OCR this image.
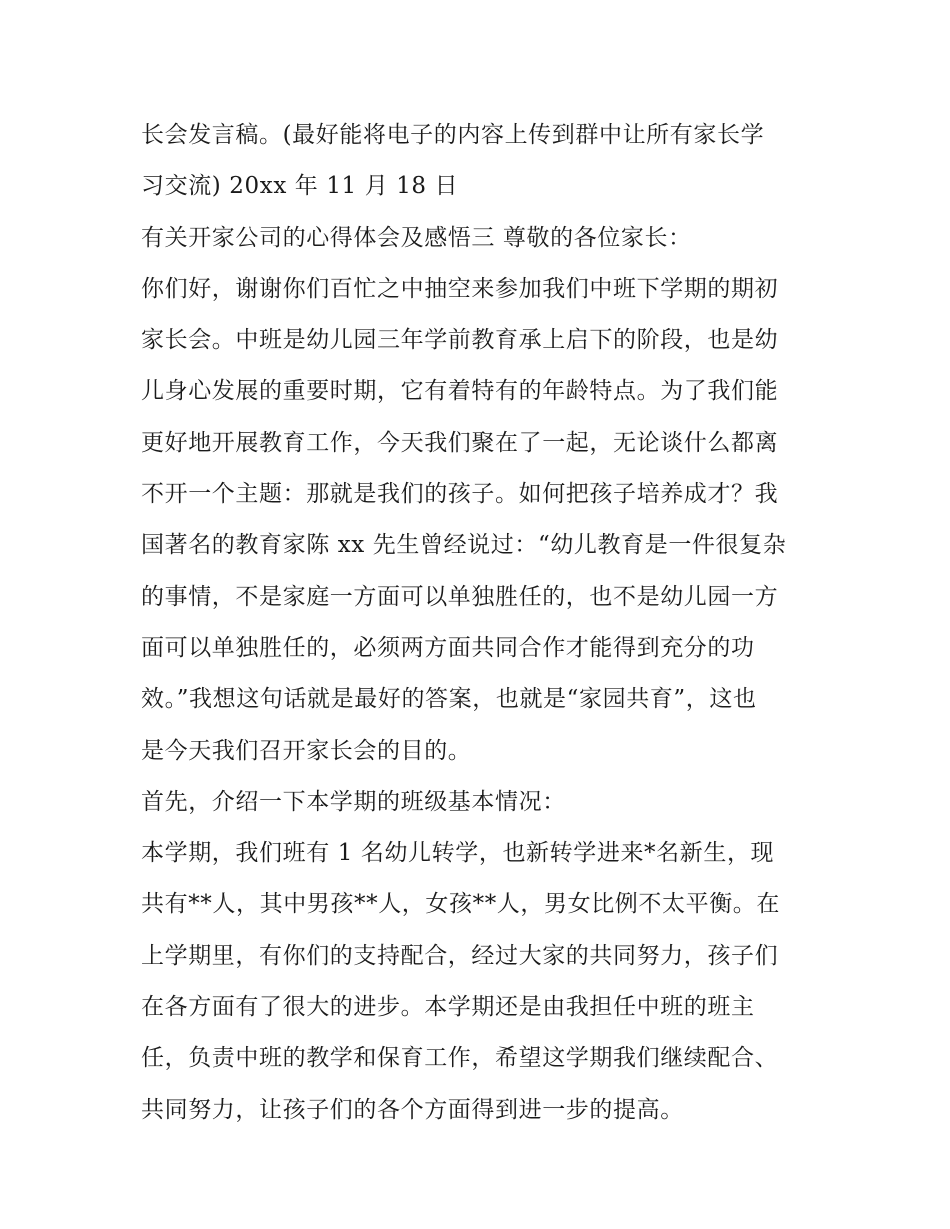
长会发言稿。(最好能将电子的内容上传到群中让所有家长学
习交流) 20xx 年 11 月 18 日
有关开家公司的心得体会及感悟三 尊敬的各位家长：
你们好，谢谢你们百忙之中抽空来参加我们中班下学期的期初
家长会。中班是幼儿园三年学前教育承上启下的阶段，也是幼
儿身心发展的重要时期，它有着特有的年龄特点。为了我们能
更好地开展教育工作，今天我们聚在了一起，无论谈什么都离
不开一个主题：那就是我们的孩子。如何把孩子培养成才？我
国著名的教育家陈 xx 先生曾经说过：“幼儿教育是一件很复杂
的事情，不是家庭一方面可以单独胜任的，也不是幼儿园一方
面可以单独胜任的，必须两方面共同合作才能得到充分的功
效。”我想这句话就是最好的答案，也就是“家园共育”，这也
是今天我们召开家长会的目的。
首先，介绍一下本学期的班级基本情况：
本学期，我们班有 1 名幼儿转学，也新转学进来*名新生，现
共有**人，其中男孩**人，女孩**人，男女比例不太平衡。在
上学期里，有你们的支持配合，经过大家的共同努力，孩子们
在各方面有了很大的进步。本学期还是由我担任中班的班主
任，负责中班的教学和保育工作，希望这学期我们继续配合、
共同努力，让孩子们的各个方面得到进一步的提高。
